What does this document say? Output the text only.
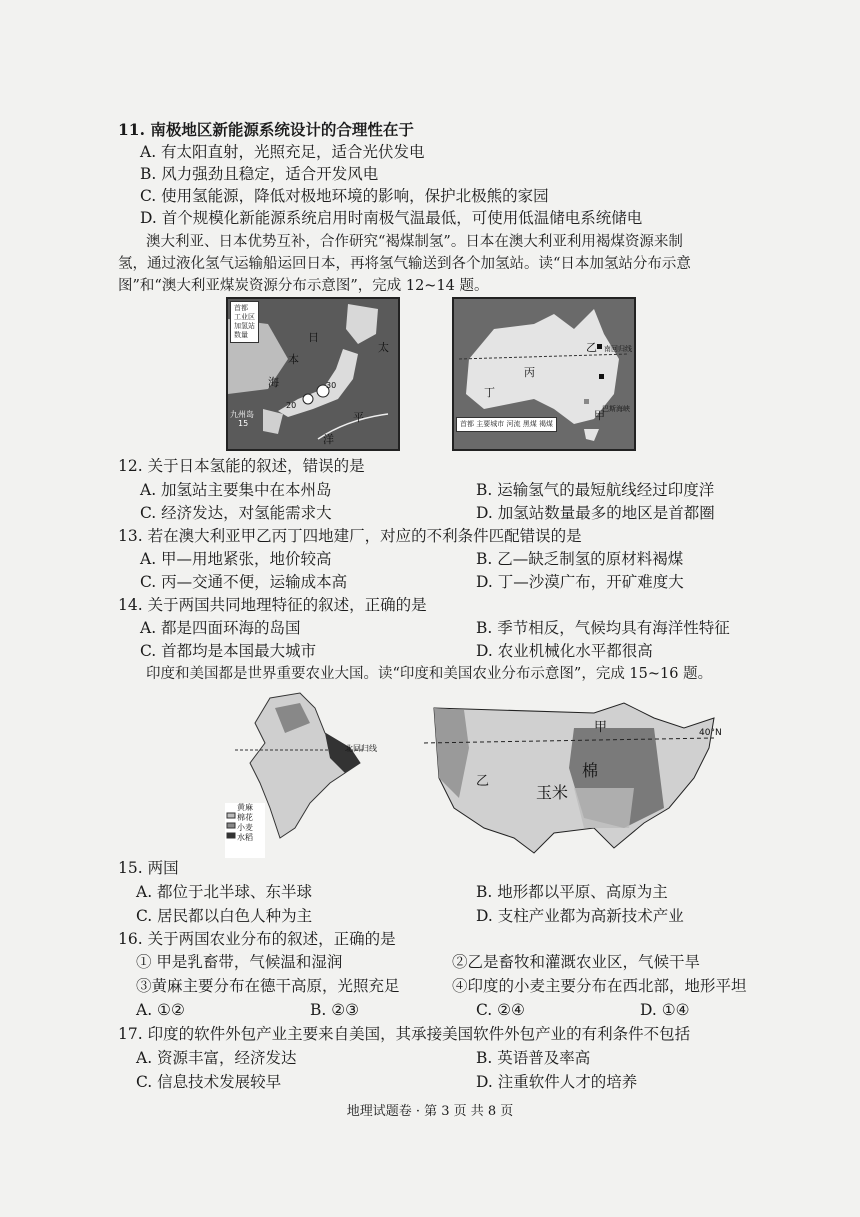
11. 南极地区新能源系统设计的合理性在于
A. 有太阳直射，光照充足，适合光伏发电
B. 风力强劲且稳定，适合开发风电
C. 使用氢能源，降低对极地环境的影响，保护北极熊的家园
D. 首个规模化新能源系统启用时南极气温最低，可使用低温储电系统储电
澳大利亚、日本优势互补，合作研究“褐煤制氢”。日本在澳大利亚利用褐煤资源来制
氢，通过液化氢气运输船运回日本，再将氢气输送到各个加氢站。读“日本加氢站分布示意
图”和“澳大利亚煤炭资源分布示意图”，完成 12~14 题。
首都
工业区
加氢站
数量	日
本
海
太
平
洋
九州岛
15
20
30
首都 主要城市 河流 黑煤 褐煤
乙
丙
丁
甲
南回归线
巴斯海峡
12. 关于日本氢能的叙述，错误的是
A. 加氢站主要集中在本州岛	B. 运输氢气的最短航线经过印度洋
C. 经济发达，对氢能需求大	D. 加氢站数量最多的地区是首都圈
13. 若在澳大利亚甲乙丙丁四地建厂，对应的不利条件匹配错误的是
A. 甲—用地紧张，地价较高	B. 乙—缺乏制氢的原材料褐煤
C. 丙—交通不便，运输成本高	D. 丁—沙漠广布，开矿难度大
14. 关于两国共同地理特征的叙述，正确的是
A. 都是四面环海的岛国	B. 季节相反，气候均具有海洋性特征
C. 首都均是本国最大城市	D. 农业机械化水平都很高
印度和美国都是世界重要农业大国。读“印度和美国农业分布示意图”，完成 15~16 题。
北回归线
黄麻
棉花
小麦
水稻
甲
乙
40°N
玉米
棉
15. 两国
A. 都位于北半球、东半球	B. 地形都以平原、高原为主
C. 居民都以白色人种为主	D. 支柱产业都为高新技术产业
16. 关于两国农业分布的叙述，正确的是
① 甲是乳畜带，气候温和湿润	②乙是畜牧和灌溉农业区，气候干旱
③黄麻主要分布在德干高原，光照充足	④印度的小麦主要分布在西北部，地形平坦
A. ①②	B. ②③	C. ②④	D. ①④
17. 印度的软件外包产业主要来自美国，其承接美国软件外包产业的有利条件不包括
A. 资源丰富，经济发达	B. 英语普及率高
C. 信息技术发展较早	D. 注重软件人才的培养
地理试题卷 · 第 3 页 共 8 页
